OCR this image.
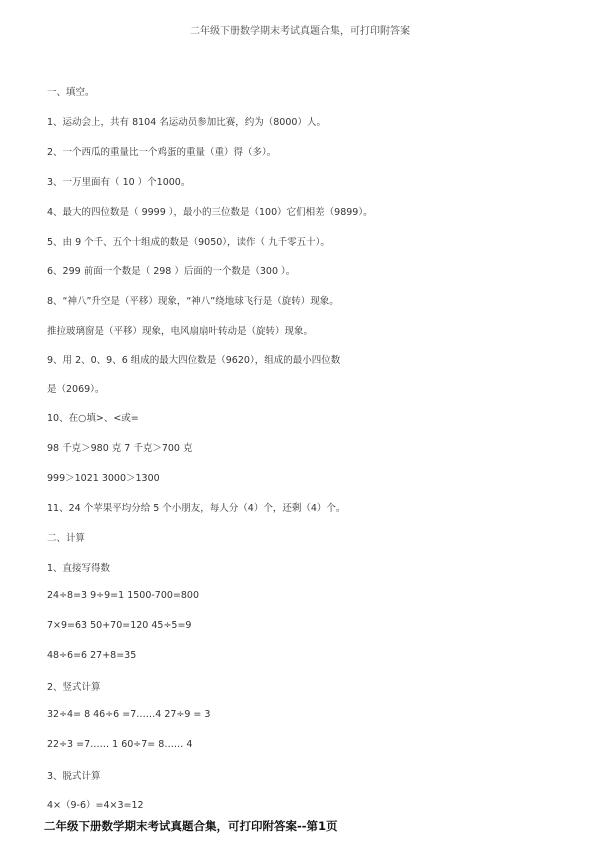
二年级下册数学期末考试真题合集，可打印附答案
一、填空。
1、运动会上，共有 8104 名运动员参加比赛，约为（8000）人。
2、一个西瓜的重量比一个鸡蛋的重量（重）得（多）。
3、一万里面有（ 10 ）个1000。
4、最大的四位数是（ 9999 ），最小的三位数是（100）它们相差（9899）。
5、由 9 个千、五个十组成的数是（9050），读作（ 九千零五十）。
6、299 前面一个数是（ 298 ）后面的一个数是（300 ）。
8、“神八”升空是（平移）现象，“神八”绕地球飞行是（旋转）现象。
推拉玻璃窗是（平移）现象，电风扇扇叶转动是（旋转）现象。
9、用 2、0、9、6 组成的最大四位数是（9620），组成的最小四位数
是（2069）。
10、在○填>、<或=
98 千克＞980 克 7 千克＞700 克
999＞1021 3000＞1300
11、24 个苹果平均分给 5 个小朋友，每人分（4）个，还剩（4）个。
二、计算
1、直接写得数
24÷8=3 9÷9=1 1500-700=800
7×9=63 50+70=120 45÷5=9
48÷6=6 27+8=35
2、竖式计算
32÷4= 8 46÷6 =7……4 27÷9 = 3
22÷3 =7…… 1 60÷7= 8…… 4
3、脱式计算
4×（9-6）=4×3=12
二年级下册数学期末考试真题合集，可打印附答案--第1页
